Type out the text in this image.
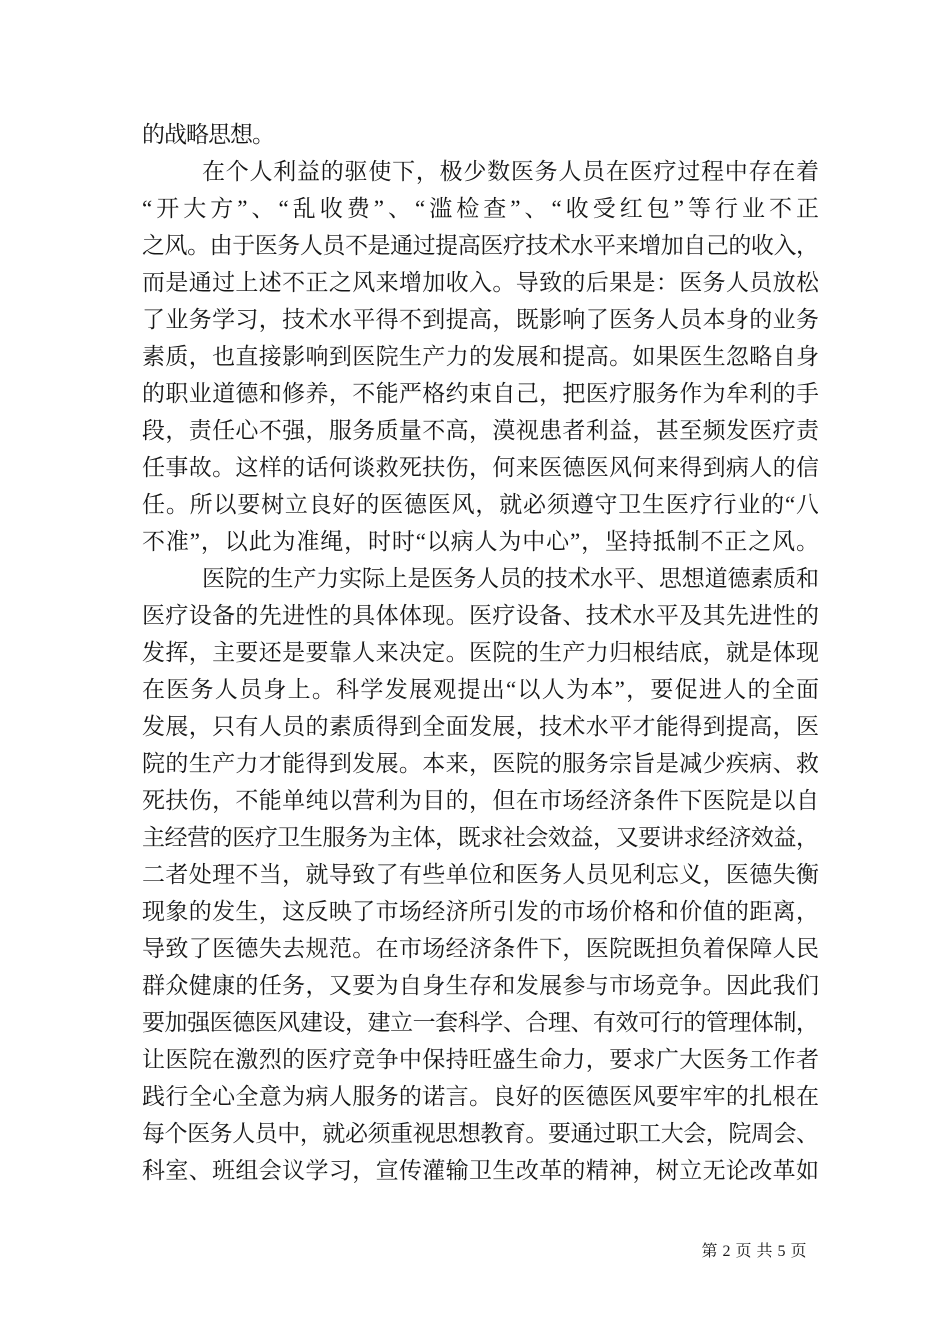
的战略思想。
在个人利益的驱使下，极少数医务人员在医疗过程中存在着
“开大方”、“乱收费”、“滥检查”、“收受红包”等行业不正
之风。由于医务人员不是通过提高医疗技术水平来增加自己的收入，
而是通过上述不正之风来增加收入。导致的后果是：医务人员放松
了业务学习，技术水平得不到提高，既影响了医务人员本身的业务
素质，也直接影响到医院生产力的发展和提高。如果医生忽略自身
的职业道德和修养，不能严格约束自己，把医疗服务作为牟利的手
段，责任心不强，服务质量不高，漠视患者利益，甚至频发医疗责
任事故。这样的话何谈救死扶伤，何来医德医风何来得到病人的信
任。所以要树立良好的医德医风，就必须遵守卫生医疗行业的“八
不准”，以此为准绳，时时“以病人为中心”，坚持抵制不正之风。
医院的生产力实际上是医务人员的技术水平、思想道德素质和
医疗设备的先进性的具体体现。医疗设备、技术水平及其先进性的
发挥，主要还是要靠人来决定。医院的生产力归根结底，就是体现
在医务人员身上。科学发展观提出“以人为本”，要促进人的全面
发展，只有人员的素质得到全面发展，技术水平才能得到提高，医
院的生产力才能得到发展。本来，医院的服务宗旨是减少疾病、救
死扶伤，不能单纯以营利为目的，但在市场经济条件下医院是以自
主经营的医疗卫生服务为主体，既求社会效益，又要讲求经济效益，
二者处理不当，就导致了有些单位和医务人员见利忘义，医德失衡
现象的发生，这反映了市场经济所引发的市场价格和价值的距离，
导致了医德失去规范。在市场经济条件下，医院既担负着保障人民
群众健康的任务，又要为自身生存和发展参与市场竞争。因此我们
要加强医德医风建设，建立一套科学、合理、有效可行的管理体制，
让医院在激烈的医疗竞争中保持旺盛生命力，要求广大医务工作者
践行全心全意为病人服务的诺言。良好的医德医风要牢牢的扎根在
每个医务人员中，就必须重视思想教育。要通过职工大会，院周会、
科室、班组会议学习，宣传灌输卫生改革的精神，树立无论改革如
第 2 页 共 5 页
